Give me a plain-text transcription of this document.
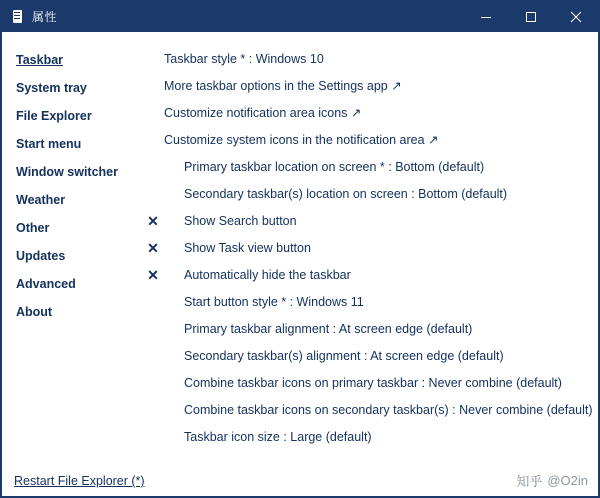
属性
Taskbar
System tray
File Explorer
Start menu
Window switcher
Weather
Other
Updates
Advanced
About
Taskbar style * : Windows 10
More taskbar options in the Settings app ↗
Customize notification area icons ↗
Customize system icons in the notification area ↗
Primary taskbar location on screen * : Bottom (default)
Secondary taskbar(s) location on screen : Bottom (default)
✕	Show Search button
✕	Show Task view button
✕	Automatically hide the taskbar
Start button style * : Windows 11
Primary taskbar alignment : At screen edge (default)
Secondary taskbar(s) alignment : At screen edge (default)
Combine taskbar icons on primary taskbar : Never combine (default)
Combine taskbar icons on secondary taskbar(s) : Never combine (default)
Taskbar icon size : Large (default)
Restart File Explorer (*)	知乎 @O2in
